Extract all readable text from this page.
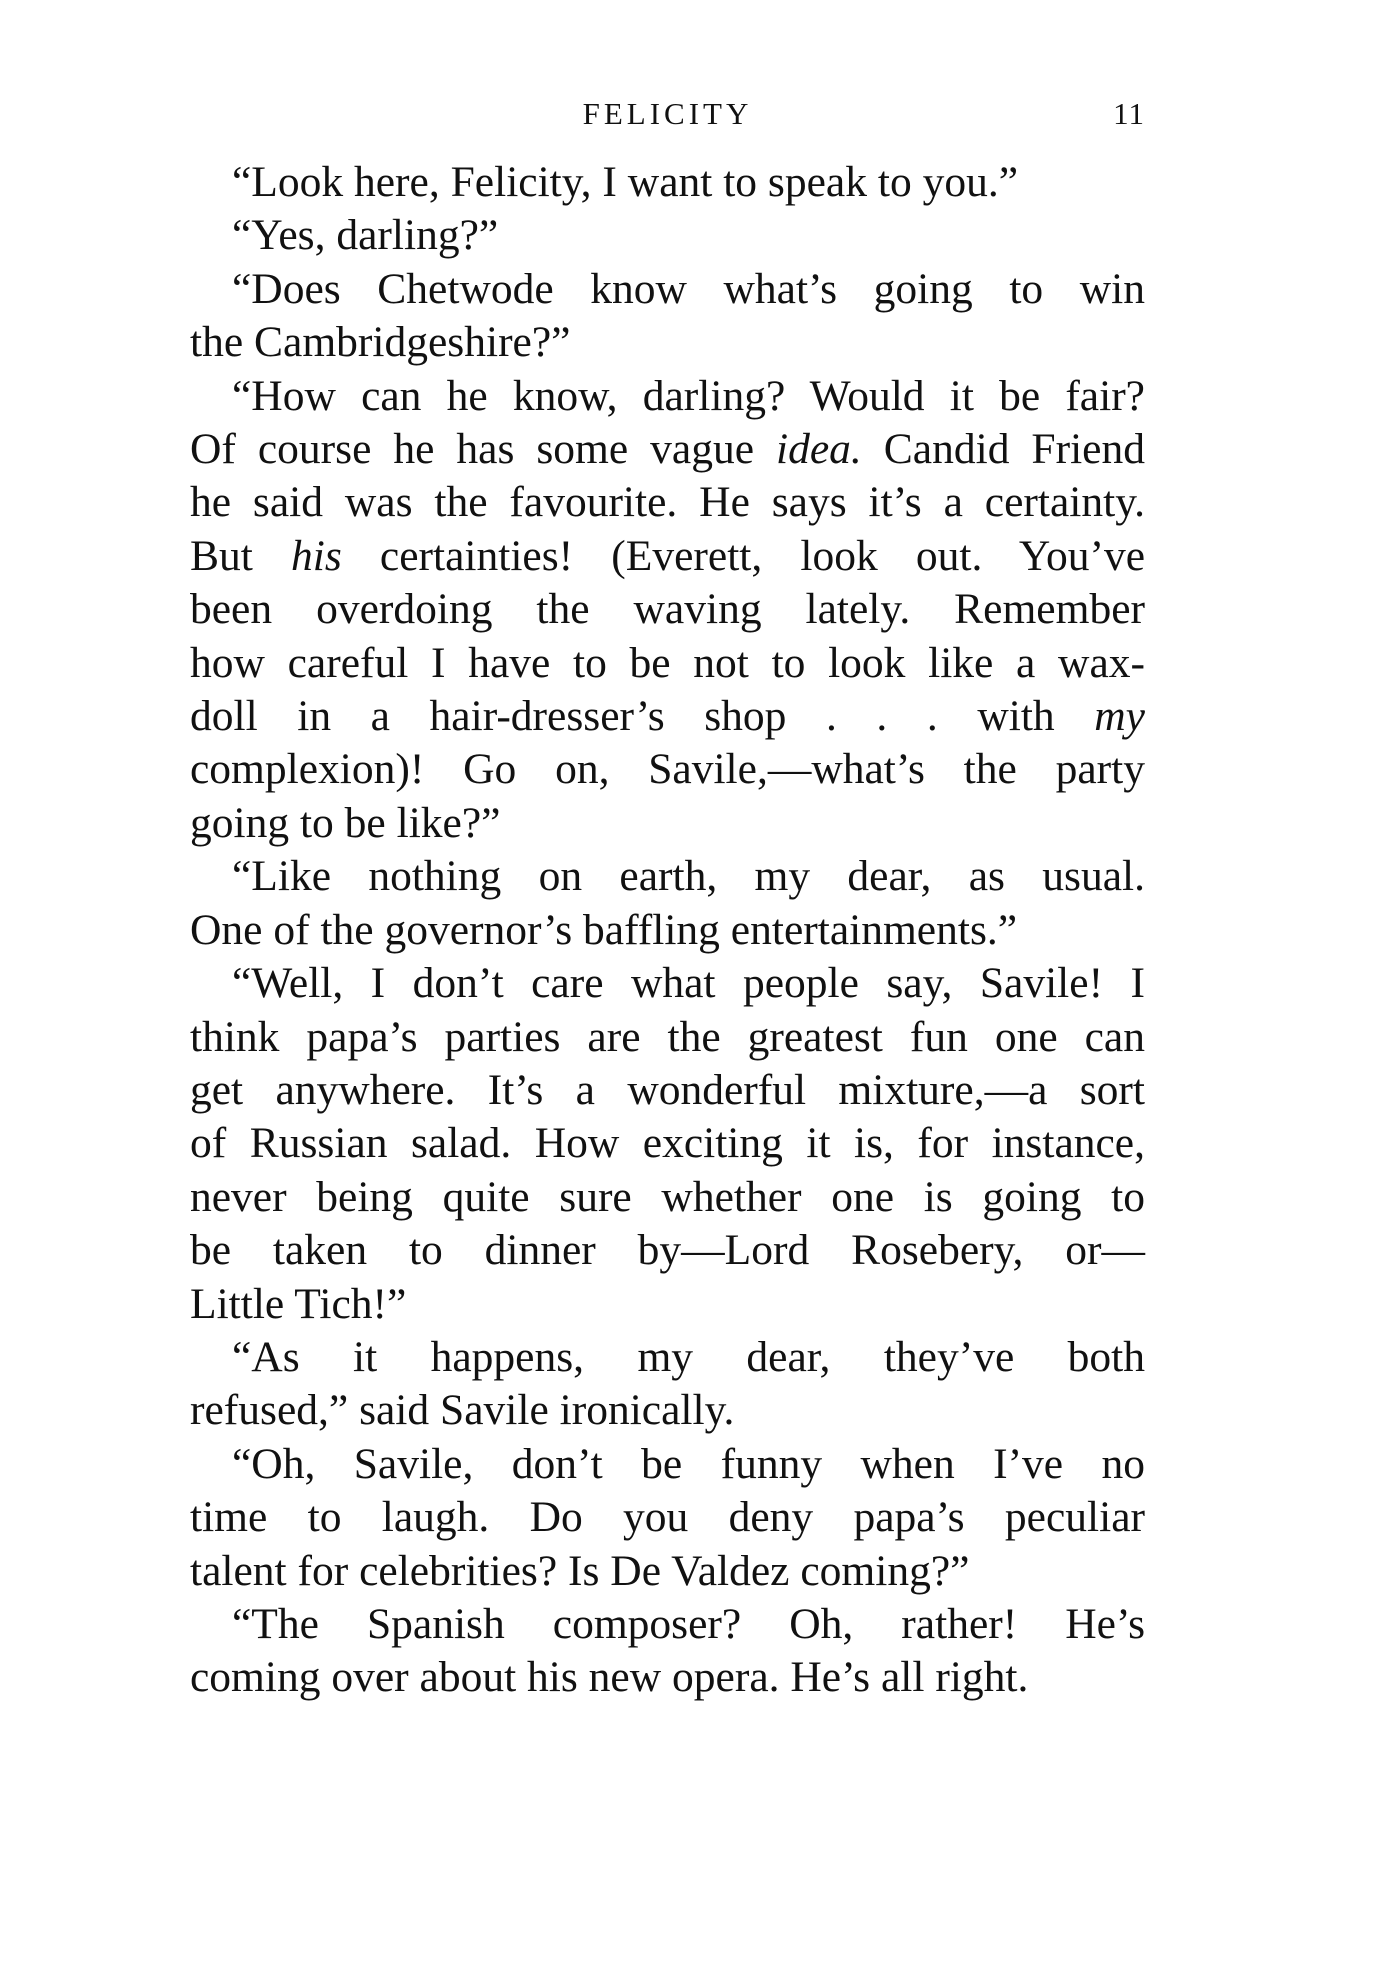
FELICITY	11

“Look here, Felicity, I want to speak to you.”

“Yes, darling?”

“Does Chetwode know what’s going to win
the Cambridgeshire?”

“How can he know, darling? Would it be fair?
Of course he has some vague idea. Candid Friend
he said was the favourite. He says it’s a certainty.
But his certainties! (Everett, look out. You’ve
been overdoing the waving lately. Remember
how careful I have to be not to look like a wax-
doll in a hair-dresser’s shop . . . with my
complexion)! Go on, Savile,—what’s the party
going to be like?”

“Like nothing on earth, my dear, as usual.
One of the governor’s baffling entertainments.”

“Well, I don’t care what people say, Savile! I
think papa’s parties are the greatest fun one can
get anywhere. It’s a wonderful mixture,—a sort
of Russian salad. How exciting it is, for instance,
never being quite sure whether one is going to
be taken to dinner by—Lord Rosebery, or—
Little Tich!”

“As it happens, my dear, they’ve both
refused,” said Savile ironically.

“Oh, Savile, don’t be funny when I’ve no
time to laugh. Do you deny papa’s peculiar
talent for celebrities? Is De Valdez coming?”

“The Spanish composer? Oh, rather! He’s
coming over about his new opera. He’s all right.
